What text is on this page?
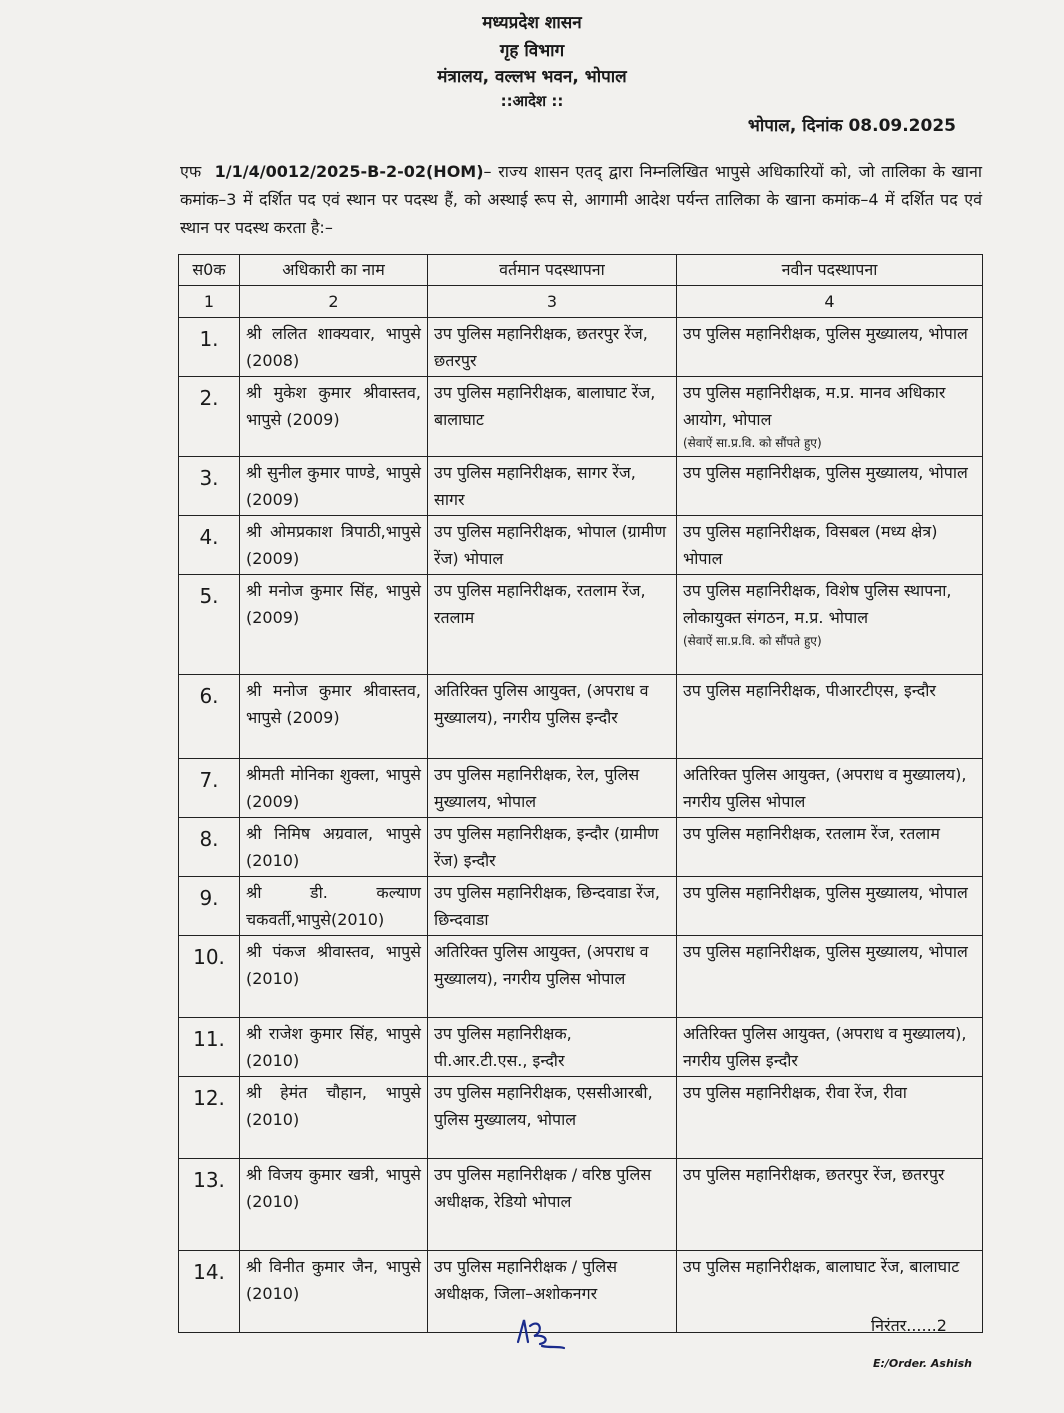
मध्यप्रदेश शासन
गृह विभाग
मंत्रालय, वल्लभ भवन, भोपाल
::आदेश ::
भोपाल, दिनांक 08.09.2025
एफ 1/1/4/0012/2025-B-2-02(HOM)– राज्य शासन एतद् द्वारा निम्नलिखित भापुसे अधिकारियों को, जो तालिका के खाना कमांक–3 में दर्शित पद एवं स्थान पर पदस्थ हैं, को अस्थाई रूप से, आगामी आदेश पर्यन्त तालिका के खाना कमांक–4 में दर्शित पद एवं स्थान पर पदस्थ करता है:–
स0क	अधिकारी का नाम	वर्तमान पदस्थापना	नवीन पदस्थापना
1	2	3	4
1.	श्री ललित शाक्यवार, भापुसे (2008)	उप पुलिस महानिरीक्षक, छतरपुर रेंज, छतरपुर	उप पुलिस महानिरीक्षक, पुलिस मुख्यालय, भोपाल
2.	श्री मुकेश कुमार श्रीवास्तव, भापुसे (2009)	उप पुलिस महानिरीक्षक, बालाघाट रेंज, बालाघाट	उप पुलिस महानिरीक्षक, म.प्र. मानव अधिकार आयोग, भोपाल
(सेवाऐं सा.प्र.वि. को सौंपते हुए)

3.	श्री सुनील कुमार पाण्डे, भापुसे (2009)	उप पुलिस महानिरीक्षक, सागर रेंज, सागर	उप पुलिस महानिरीक्षक, पुलिस मुख्यालय, भोपाल
4.	श्री ओमप्रकाश त्रिपाठी,भापुसे (2009)	उप पुलिस महानिरीक्षक, भोपाल (ग्रामीण रेंज) भोपाल	उप पुलिस महानिरीक्षक, विसबल (मध्य क्षेत्र) भोपाल
5.	श्री मनोज कुमार सिंह, भापुसे (2009)	उप पुलिस महानिरीक्षक, रतलाम रेंज, रतलाम	उप पुलिस महानिरीक्षक, विशेष पुलिस स्थापना, लोकायुक्त संगठन, म.प्र. भोपाल
(सेवाऐं सा.प्र.वि. को सौंपते हुए)

6.	श्री मनोज कुमार श्रीवास्तव, भापुसे (2009)	अतिरिक्त पुलिस आयुक्त, (अपराध व मुख्यालय), नगरीय पुलिस इन्दौर	उप पुलिस महानिरीक्षक, पीआरटीएस, इन्दौर
7.	श्रीमती मोनिका शुक्ला, भापुसे (2009)	उप पुलिस महानिरीक्षक, रेल, पुलिस मुख्यालय, भोपाल	अतिरिक्त पुलिस आयुक्त, (अपराध व मुख्यालय), नगरीय पुलिस भोपाल
8.	श्री निमिष अग्रवाल, भापुसे (2010)	उप पुलिस महानिरीक्षक, इन्दौर (ग्रामीण रेंज) इन्दौर	उप पुलिस महानिरीक्षक, रतलाम रेंज, रतलाम
9.	श्री डी. कल्याण चकवर्ती,भापुसे(2010)	उप पुलिस महानिरीक्षक, छिन्दवाडा रेंज, छिन्दवाडा	उप पुलिस महानिरीक्षक, पुलिस मुख्यालय, भोपाल
10.	श्री पंकज श्रीवास्तव, भापुसे (2010)	अतिरिक्त पुलिस आयुक्त, (अपराध व मुख्यालय), नगरीय पुलिस भोपाल	उप पुलिस महानिरीक्षक, पुलिस मुख्यालय, भोपाल
11.	श्री राजेश कुमार सिंह, भापुसे (2010)	उप पुलिस महानिरीक्षक, पी.आर.टी.एस., इन्दौर	अतिरिक्त पुलिस आयुक्त, (अपराध व मुख्यालय), नगरीय पुलिस इन्दौर
12.	श्री हेमंत चौहान, भापुसे (2010)	उप पुलिस महानिरीक्षक, एससीआरबी, पुलिस मुख्यालय, भोपाल	उप पुलिस महानिरीक्षक, रीवा रेंज, रीवा
13.	श्री विजय कुमार खत्री, भापुसे (2010)	उप पुलिस महानिरीक्षक / वरिष्ठ पुलिस अधीक्षक, रेडियो भोपाल	उप पुलिस महानिरीक्षक, छतरपुर रेंज, छतरपुर
14.	श्री विनीत कुमार जैन, भापुसे (2010)	उप पुलिस महानिरीक्षक / पुलिस अधीक्षक, जिला–अशोकनगर	उप पुलिस महानिरीक्षक, बालाघाट रेंज, बालाघाट
निरंतर......2
E:/Order. Ashish
